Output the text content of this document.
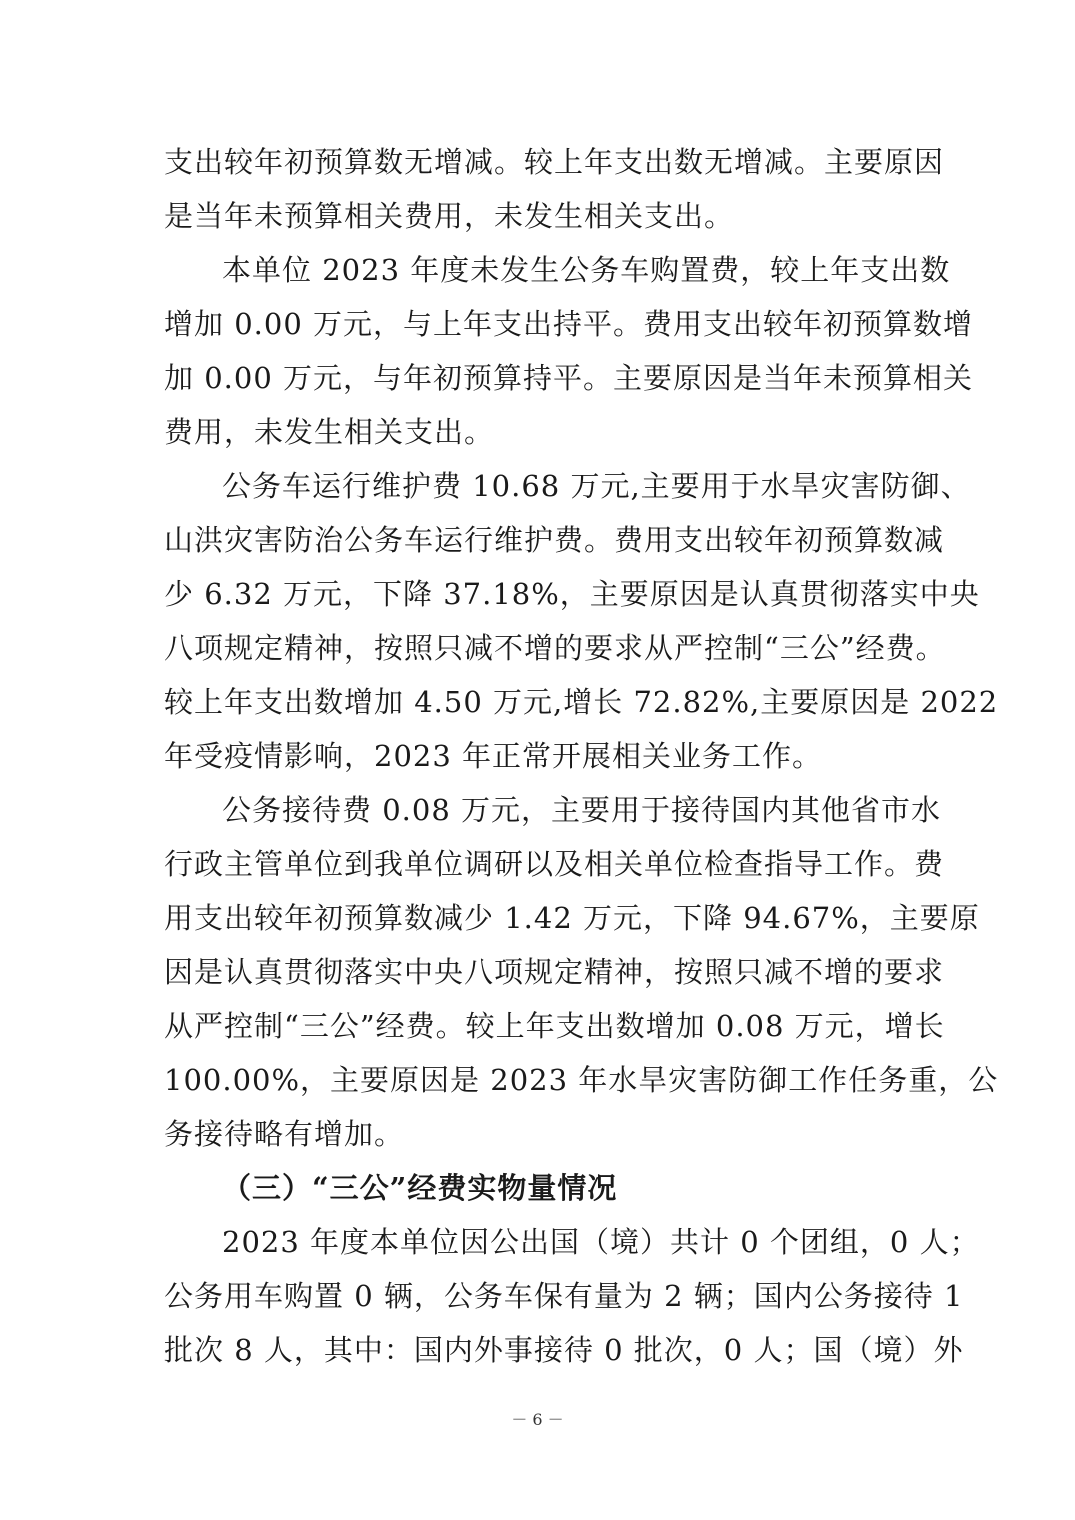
支出较年初预算数无增减。较上年支出数无增减。主要原因
是当年未预算相关费用，未发生相关支出。

本单位 2023 年度未发生公务车购置费，较上年支出数
增加 0.00 万元，与上年支出持平。费用支出较年初预算数增
加 0.00 万元，与年初预算持平。主要原因是当年未预算相关
费用，未发生相关支出。

公务车运行维护费 10.68 万元,主要用于水旱灾害防御、
山洪灾害防治公务车运行维护费。费用支出较年初预算数减
少 6.32 万元，下降 37.18%，主要原因是认真贯彻落实中央
八项规定精神，按照只减不增的要求从严控制“三公”经费。
较上年支出数增加 4.50 万元,增长 72.82%,主要原因是 2022
年受疫情影响，2023 年正常开展相关业务工作。

公务接待费 0.08 万元，主要用于接待国内其他省市水
行政主管单位到我单位调研以及相关单位检查指导工作。费
用支出较年初预算数减少 1.42 万元，下降 94.67%，主要原
因是认真贯彻落实中央八项规定精神，按照只减不增的要求
从严控制“三公”经费。较上年支出数增加 0.08 万元，增长
100.00%，主要原因是 2023 年水旱灾害防御工作任务重，公
务接待略有增加。

（三）“三公”经费实物量情况

2023 年度本单位因公出国（境）共计 0 个团组，0 人；
公务用车购置 0 辆，公务车保有量为 2 辆；国内公务接待 1
批次 8 人，其中：国内外事接待 0 批次，0 人；国（境）外

－ 6 －
